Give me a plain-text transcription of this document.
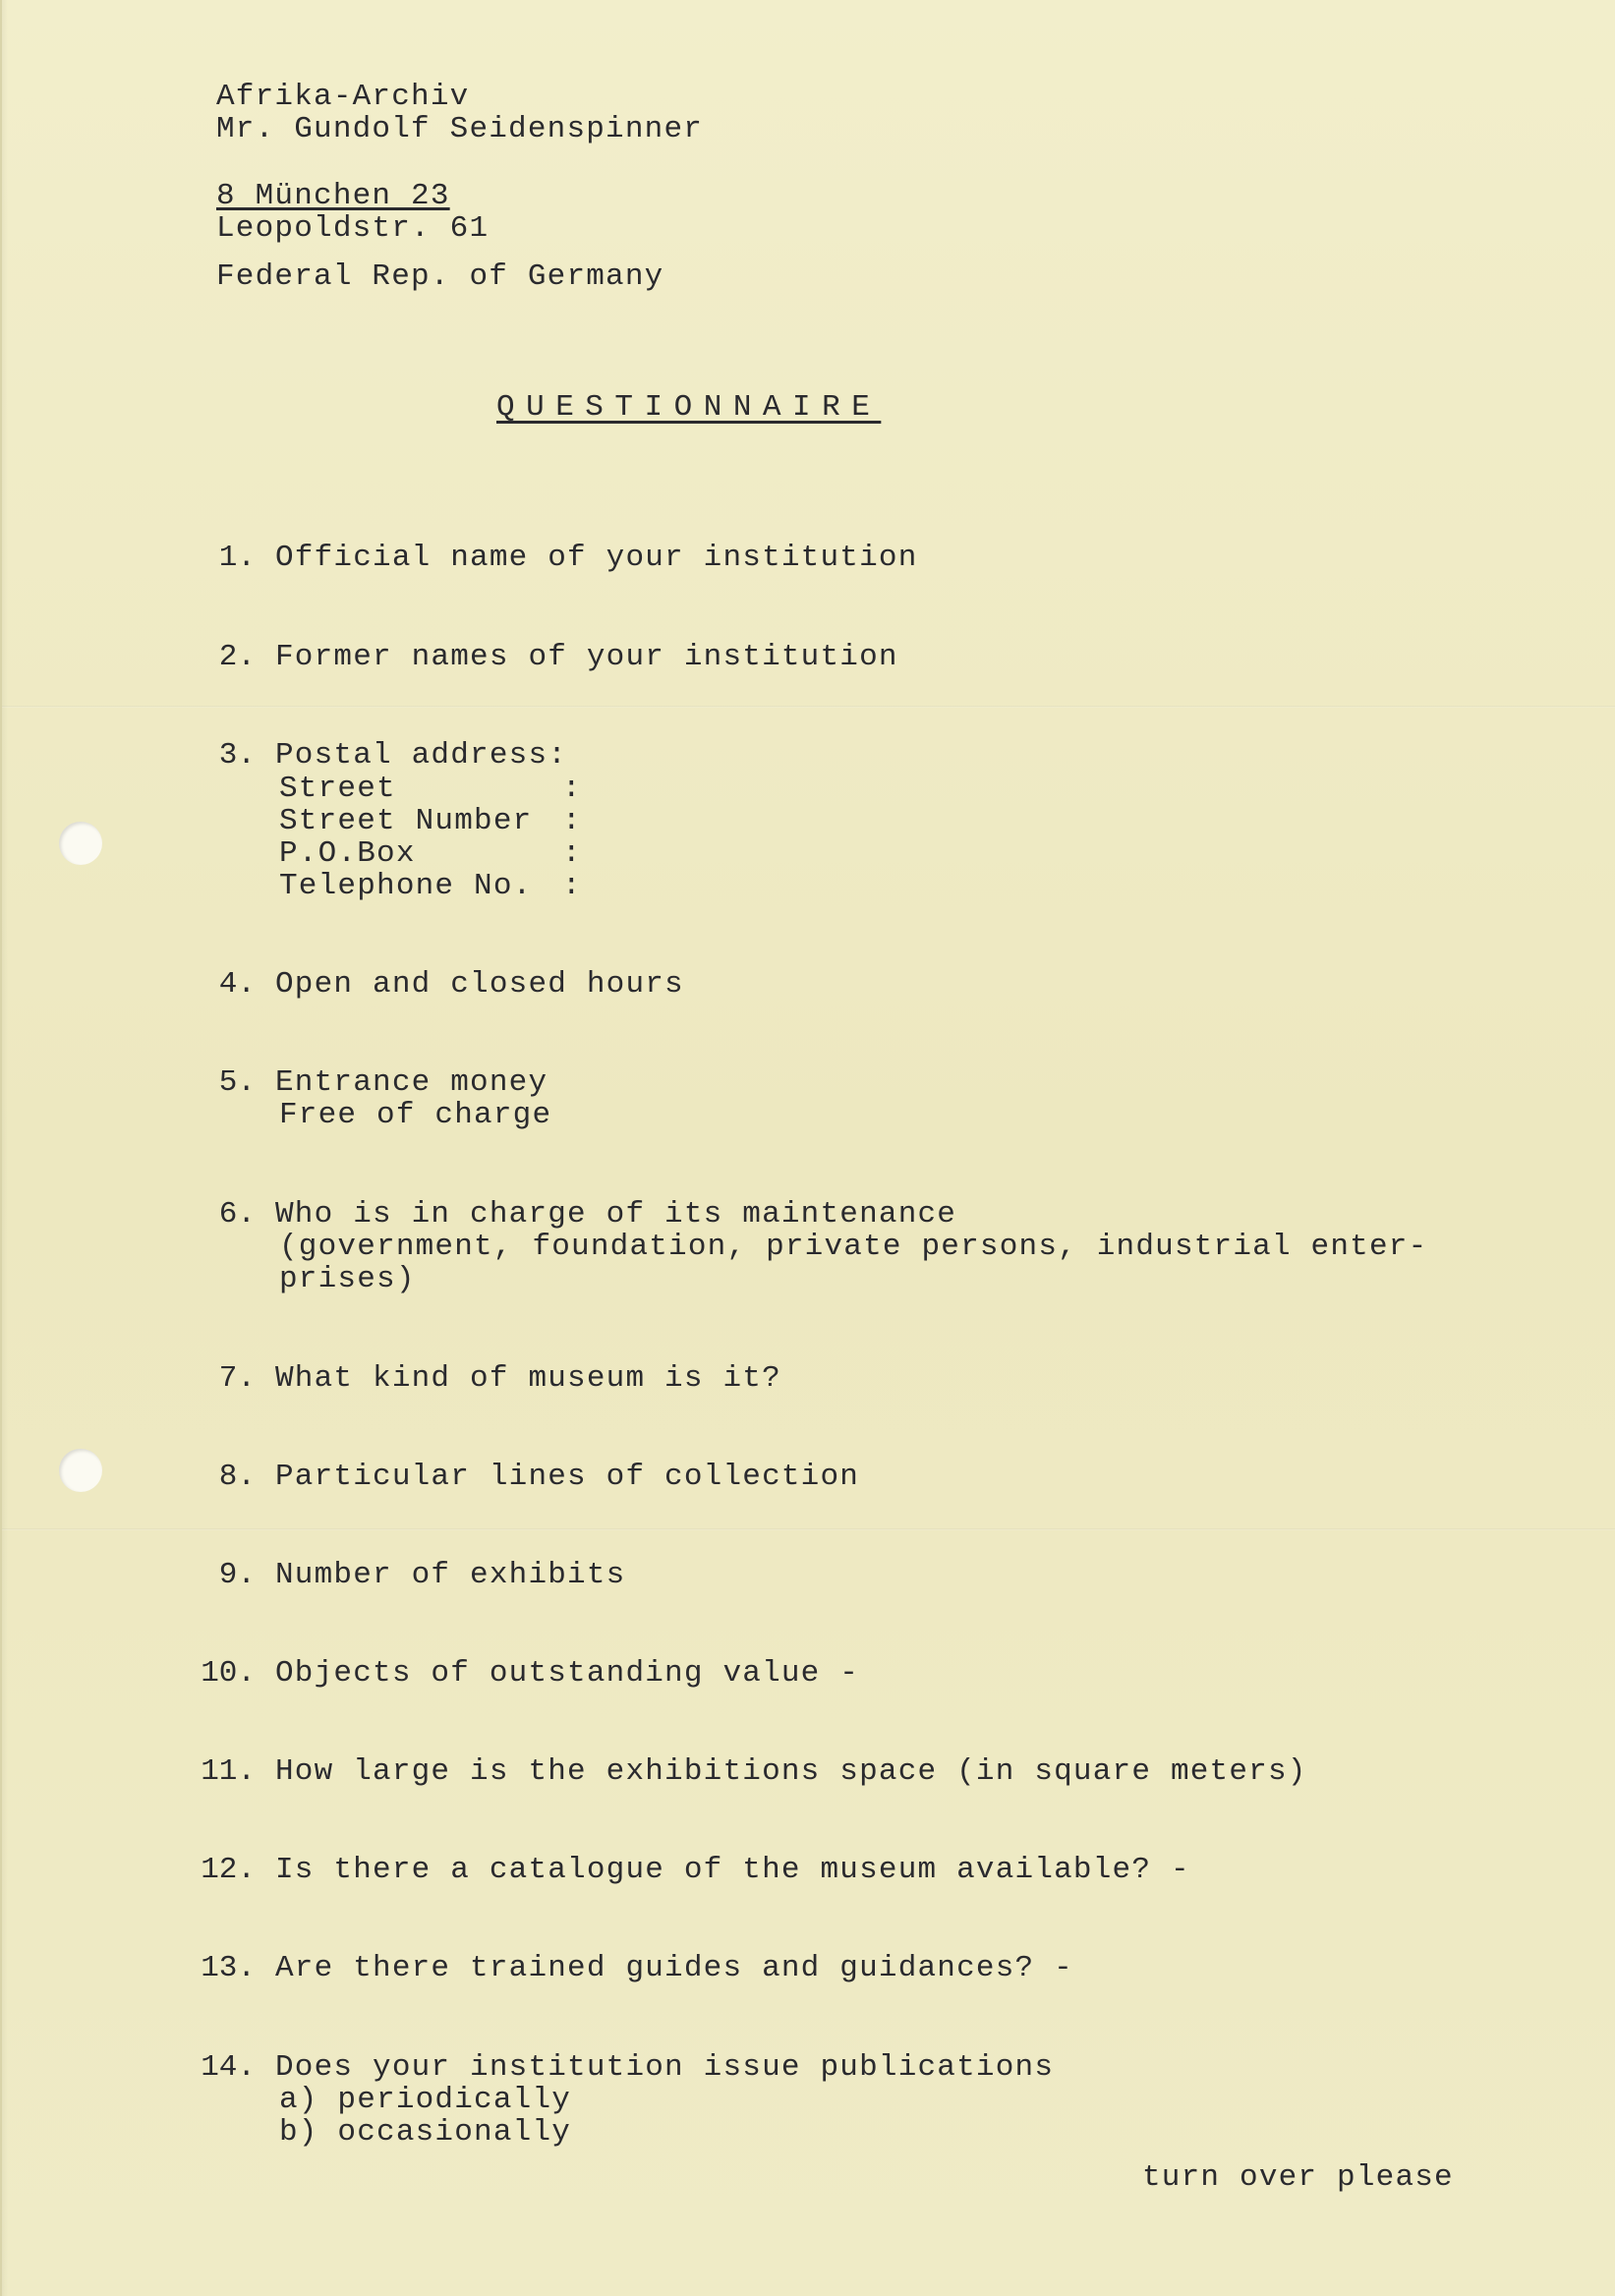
Afrika-Archiv
Mr. Gundolf Seidenspinner
8 München 23
Leopoldstr. 61
Federal Rep. of Germany
QUESTIONNAIRE
1. Official name of your institution
2. Former names of your institution
3. Postal address:
Street	:
Street Number :
P.O.Box	:
Telephone No. :
4. Open and closed hours
5. Entrance money
Free of charge
6. Who is in charge of its maintenance
(government, foundation, private persons, industrial enter-
prises)
7. What kind of museum is it?
8. Particular lines of collection
9. Number of exhibits
10. Objects of outstanding value -
11. How large is the exhibitions space (in square meters)
12. Is there a catalogue of the museum available? -
13. Are there trained guides and guidances? -
14. Does your institution issue publications
a) periodically
b) occasionally
turn over please
